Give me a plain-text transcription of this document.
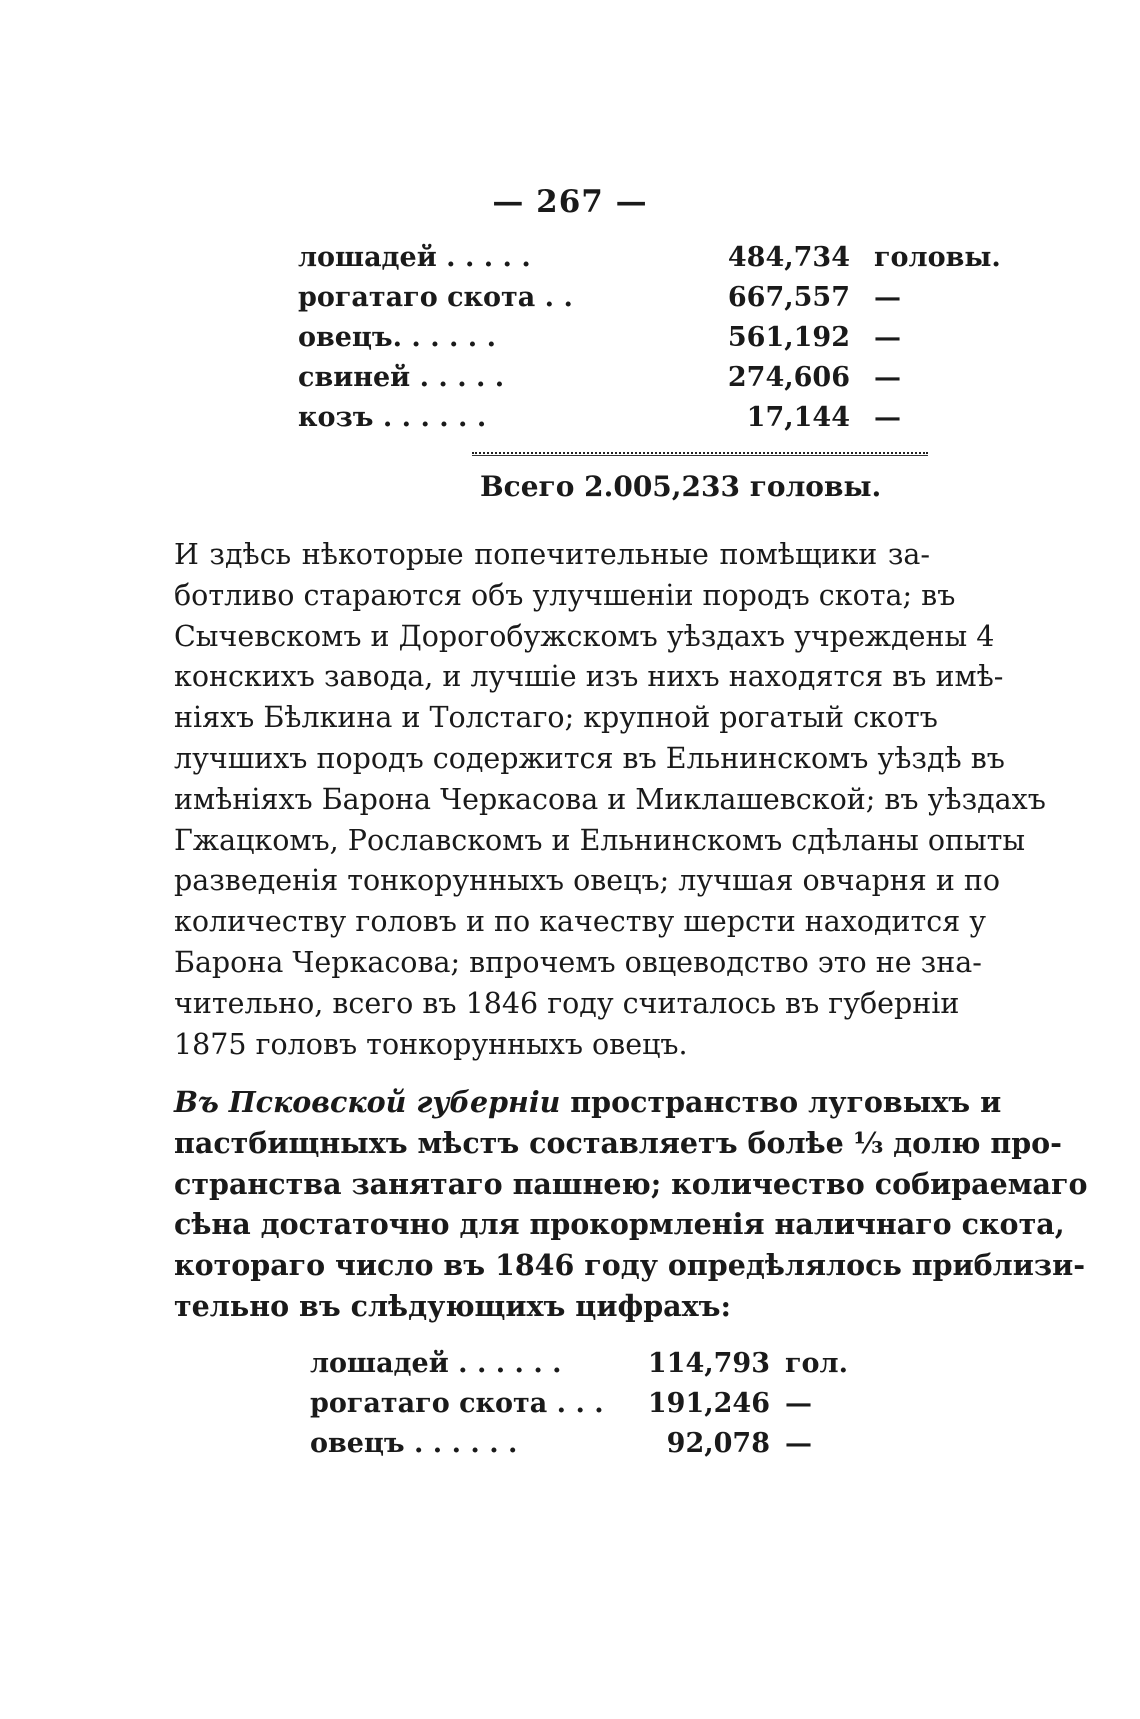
— 267 —
лошадей . . . . .	484,734 головы.
рогатаго скота . .	667,557 —
овецъ. . . . . .	561,192 —
свиней . . . . .	274,606 —
козъ . . . . . .	17,144 —
Всего 2.005,233 головы.
И здѣсь нѣкоторые попечительные помѣщики за-
ботливо стараются объ улучшеніи породъ скота; въ
Сычевскомъ и Дорогобужскомъ уѣздахъ учреждены 4
конскихъ завода, и лучшіе изъ нихъ находятся въ имѣ-
ніяхъ Бѣлкина и Толстаго; крупной рогатый скотъ
лучшихъ породъ содержится въ Ельнинскомъ уѣздѣ въ
имѣніяхъ Барона Черкасова и Миклашевской; въ уѣздахъ
Гжацкомъ, Рославскомъ и Ельнинскомъ сдѣланы опыты
разведенія тонкорунныхъ овецъ; лучшая овчарня и по
количеству головъ и по качеству шерсти находится у
Барона Черкасова; впрочемъ овцеводство это не зна-
чительно, всего въ 1846 году считалось въ губерніи
1875 головъ тонкорунныхъ овецъ.
Въ Псковской губерніи пространство луговыхъ и
пастбищныхъ мѣстъ составляетъ болѣе ⅓ долю про-
странства занятаго пашнею; количество собираемаго
сѣна достаточно для прокормленія наличнаго скота,
котораго число въ 1846 году опредѣлялось приблизи-
тельно въ слѣдующихъ цифрахъ:
лошадей . . . . . .	114,793 гол.
рогатаго скота . . .	191,246 —
овецъ . . . . . .	92,078 —
